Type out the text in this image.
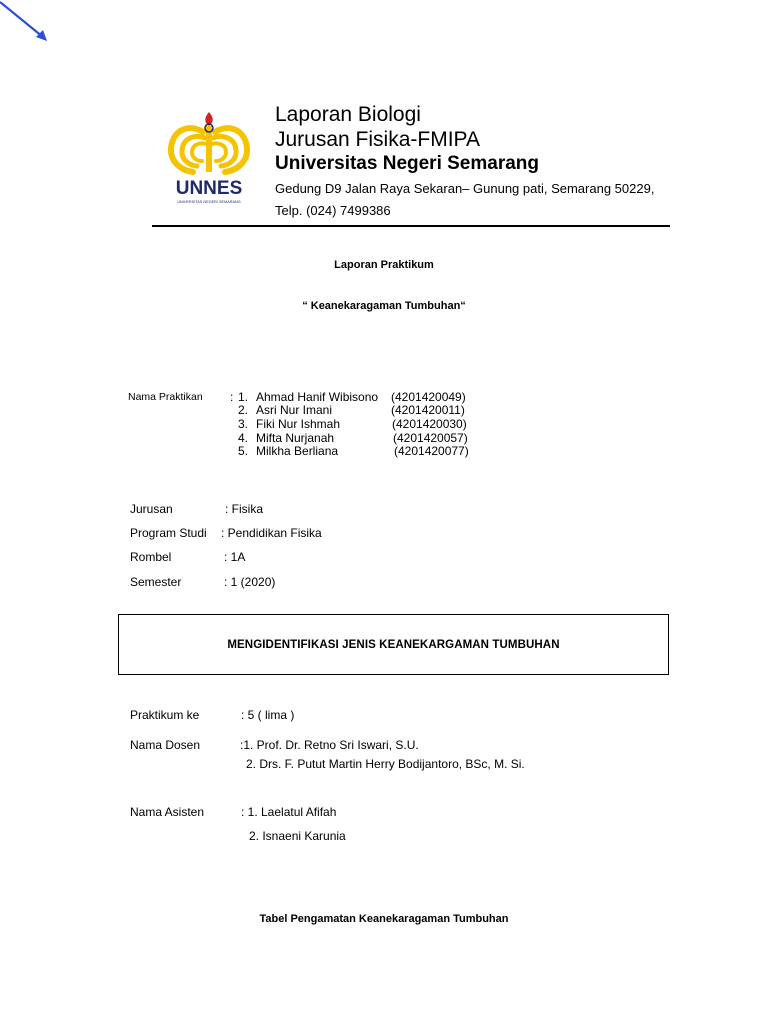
UNNES
UNIVERSITAS NEGERI SEMARANG
Laporan Biologi
Jurusan Fisika-FMIPA
Universitas Negeri Semarang
Gedung D9 Jalan Raya Sekaran– Gunung pati, Semarang 50229,
Telp. (024) 7499386
Laporan Praktikum
“ Keanekaragaman Tumbuhan“
Nama Praktikan : 1. Ahmad Hanif Wibisono (4201420049)
2. Asri Nur Imani	(4201420011)
3. Fiki Nur Ishmah	(4201420030)
4. Mifta Nurjanah	(4201420057)
5. Milkha Berliana	(4201420077)
Jurusan	: Fisika
Program Studi : Pendidikan Fisika
Rombel	: 1A
Semester	: 1 (2020)
MENGIDENTIFIKASI JENIS KEANEKARGAMAN TUMBUHAN
Praktikum ke	: 5 ( lima )
Nama Dosen	:1. Prof. Dr. Retno Sri Iswari, S.U.
2. Drs. F. Putut Martin Herry Bodijantoro, BSc, M. Si.
Nama Asisten	: 1. Laelatul Afifah
2. Isnaeni Karunia
Tabel Pengamatan Keanekaragaman Tumbuhan
